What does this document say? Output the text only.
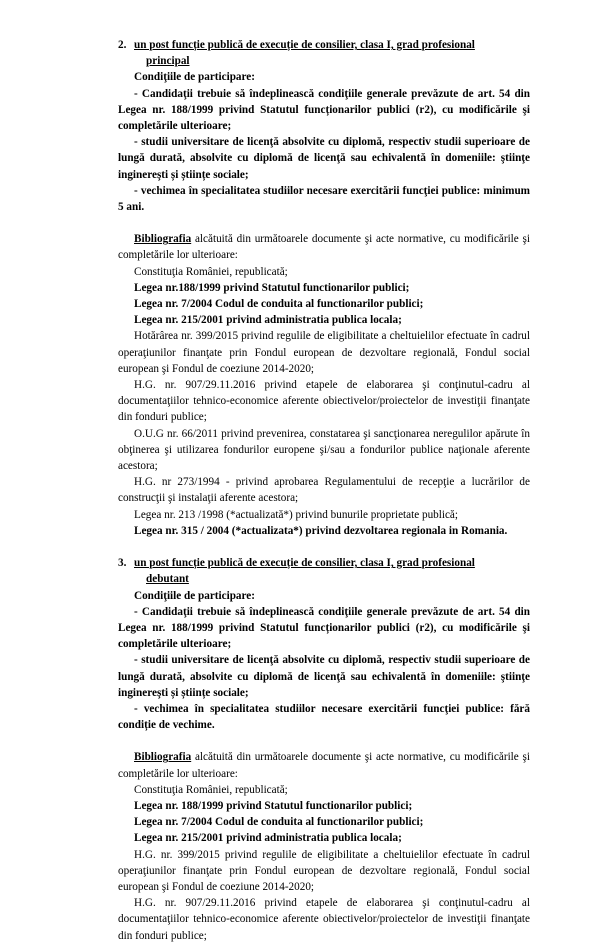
2. un post funcție publică de execuție de consilier, clasa I, grad profesional

principal

Condiţiile de participare:

- Candidaţii trebuie să îndeplinească condiţiile generale prevăzute de art. 54 din Legea nr. 188/1999 privind Statutul funcționarilor publici (r2), cu modificările şi completările ulterioare;

- studii universitare de licenţă absolvite cu diplomă, respectiv studii superioare de lungă durată, absolvite cu diplomă de licenţă sau echivalentă în domeniile: ştiinţe inginereşti și științe sociale;

- vechimea în specialitatea studiilor necesare exercitării funcţiei publice: minimum 5 ani.

Bibliografia alcătuită din următoarele documente şi acte normative, cu modificările şi completările lor ulterioare:

Constituţia României, republicată;

Legea nr.188/1999 privind Statutul functionarilor publici;

Legea nr. 7/2004 Codul de conduita al functionarilor publici;

Legea nr. 215/2001 privind administratia publica locala;

Hotărârea nr. 399/2015 privind regulile de eligibilitate a cheltuielilor efectuate în cadrul operaţiunilor finanţate prin Fondul european de dezvoltare regională, Fondul social european şi Fondul de coeziune 2014-2020;

H.G. nr. 907/29.11.2016 privind etapele de elaborarea şi conţinutul-cadru al documentaţiilor tehnico-economice aferente obiectivelor/proiectelor de investiţii finanţate din fonduri publice;

O.U.G nr. 66/2011 privind prevenirea, constatarea şi sancţionarea neregulilor apărute în obţinerea şi utilizarea fondurilor europene şi/sau a fondurilor publice naţionale aferente acestora;

H.G. nr 273/1994 - privind aprobarea Regulamentului de recepţie a lucrărilor de construcţii şi instalaţii aferente acestora;

Legea nr. 213 /1998 (*actualizată*) privind bunurile proprietate publică;

Legea nr. 315 / 2004 (*actualizata*) privind dezvoltarea regionala in Romania.

3. un post funcție publică de execuție de consilier, clasa I, grad profesional

debutant

Condiţiile de participare:

- Candidaţii trebuie să îndeplinească condiţiile generale prevăzute de art. 54 din Legea nr. 188/1999 privind Statutul funcționarilor publici (r2), cu modificările şi completările ulterioare;

- studii universitare de licenţă absolvite cu diplomă, respectiv studii superioare de lungă durată, absolvite cu diplomă de licenţă sau echivalentă în domeniile: ştiinţe inginereşti și științe sociale;

- vechimea în specialitatea studiilor necesare exercitării funcţiei publice: fără condiție de vechime.

Bibliografia alcătuită din următoarele documente şi acte normative, cu modificările şi completările lor ulterioare:

Constituţia României, republicată;

Legea nr. 188/1999 privind Statutul functionarilor publici;

Legea nr. 7/2004 Codul de conduita al functionarilor publici;

Legea nr. 215/2001 privind administratia publica locala;

H.G. nr. 399/2015 privind regulile de eligibilitate a cheltuielilor efectuate în cadrul operaţiunilor finanţate prin Fondul european de dezvoltare regională, Fondul social european şi Fondul de coeziune 2014-2020;

H.G. nr. 907/29.11.2016 privind etapele de elaborarea şi conţinutul-cadru al documentaţiilor tehnico-economice aferente obiectivelor/proiectelor de investiţii finanţate din fonduri publice;
